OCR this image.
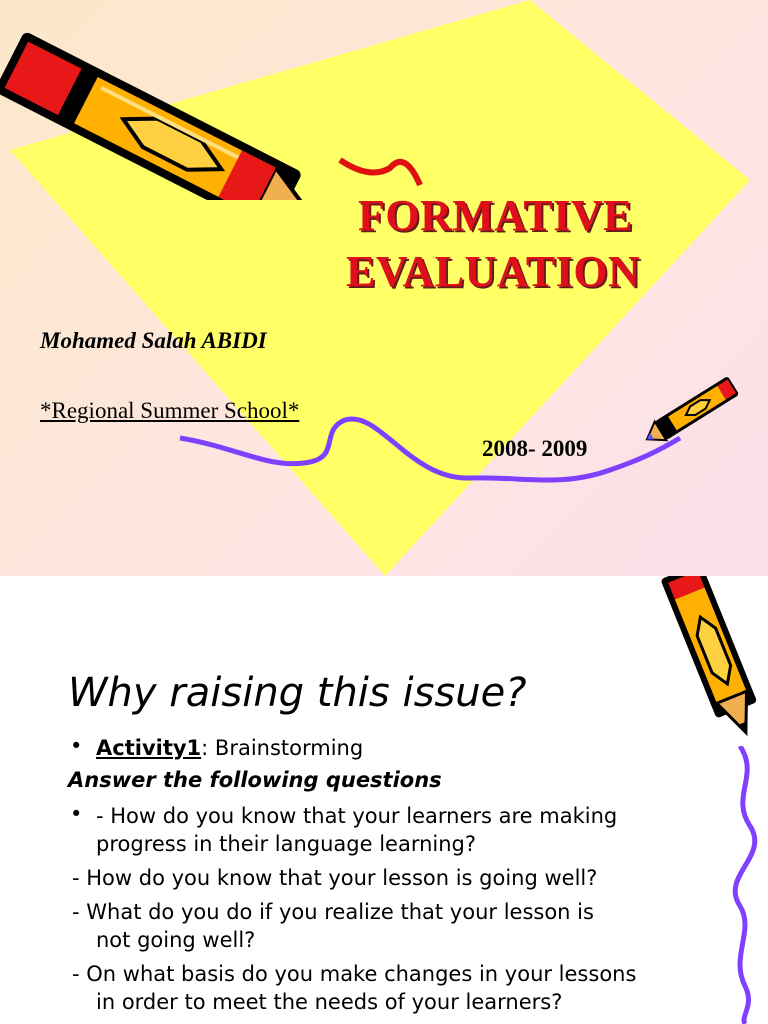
FORMATIVE
EVALUATION
Mohamed Salah ABIDI
*Regional Summer School*
2008- 2009
Why raising this issue?
• Activity1: Brainstorming
Answer the following questions
• - How do you know that your learners are making
progress in their language learning?
- How do you know that your lesson is going well?
- What do you do if you realize that your lesson is
not going well?
- On what basis do you make changes in your lessons
in order to meet the needs of your learners?
